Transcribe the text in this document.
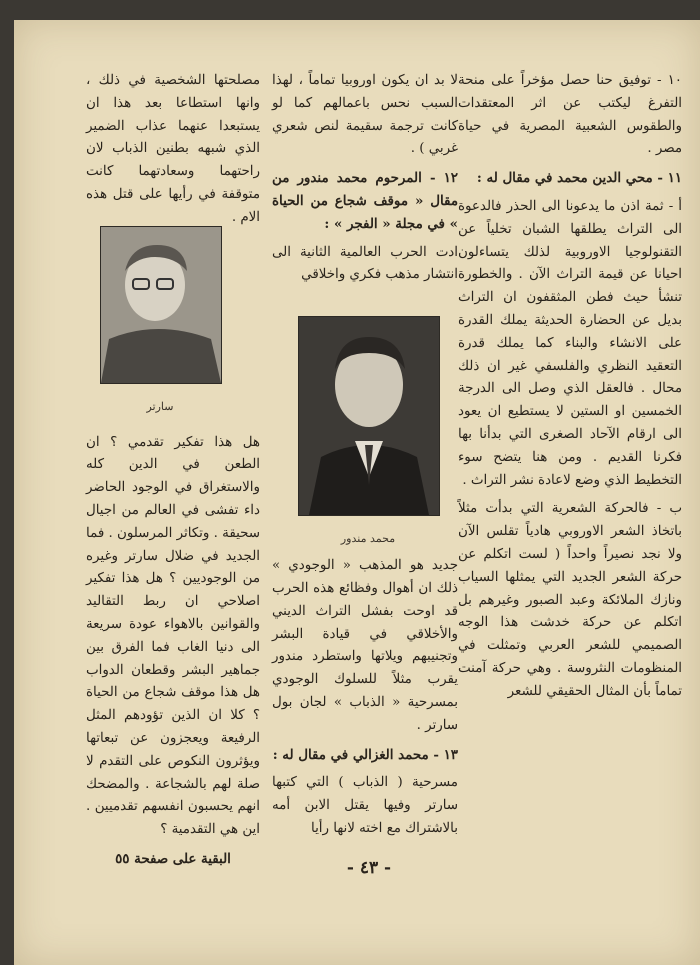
١٠ - توفيق حنا حصل مؤخراً على منحة التفرغ ليكتب عن اثر المعتقدات والطقوس الشعبية المصرية في حياة مصر .

١١ - محي الدين محمد في مقال له :

أ - ثمة اذن ما يدعونا الى الحذر فالدعوة الى التراث يطلقها الشبان تخلياً عن التقنولوجيا الاوروبية لذلك يتساءلون احيانا عن قيمة التراث الآن . والخطورة تنشأ حيث فطن المثقفون ان التراث بديل عن الحضارة الحديثة يملك القدرة على الانشاء والبناء كما يملك قدرة التعقيد النظري والفلسفي غير ان ذلك محال . فالعقل الذي وصل الى الدرجة الخمسين او الستين لا يستطيع ان يعود الى ارقام الآحاد الصغرى التي بدأنا بها فكرنا القديم . ومن هنا يتضح سوء التخطيط الذي وضع لاعادة نشر التراث .

ب - فالحركة الشعرية التي بدأت مثلاً باتخاذ الشعر الاوروبي هادياً تقلس الآن ولا نجد نصيراً واحداً ( لست اتكلم عن حركة الشعر الجديد التي يمثلها السياب ونازك الملائكة وعبد الصبور وغيرهم بل اتكلم عن حركة خدشت هذا الوجه الصميمي للشعر العربي وتمثلت في المنظومات النثروسة . وهي حركة آمنت تماماً بأن المثال الحقيقي للشعر

لا بد ان يكون اوروبيا تماماً ، لهذا السبب نحس باعمالهم كما لو كانت ترجمة سقيمة لنص شعري غربي ) .

١٢ - المرحوم محمد مندور من مقال « موقف شجاع من الحياة » في مجلة « الفجر » :

ادت الحرب العالمية الثانية الى انتشار مذهب فكري واخلاقي

جديد هو المذهب « الوجودي » ذلك ان أهوال وفظائع هذه الحرب قد اوحت بفشل التراث الديني والأخلاقي في قيادة البشر وتجنيبهم ويلاتها واستطرد مندور يقرب مثلاً للسلوك الوجودي بمسرحية « الذباب » لجان بول سارتر .

١٣ - محمد الغزالي في مقال له :

مسرحية ( الذباب ) التي كتبها سارتر وفيها يقتل الابن أمه بالاشتراك مع اخته لانها رأيا

مصلحتها الشخصية في ذلك ، وانها استطاعا بعد هذا ان يستبعدا عنهما عذاب الضمير الذي شبهه بطنين الذباب لان راحتهما وسعادتهما كانت متوقفة في رأيها على قتل هذه الام .

هل هذا تفكير تقدمي ؟ ان الطعن في الدين كله والاستغراق في الوجود الحاضر داء تفشى في العالم من اجيال سحيقة . وتكاثر المرسلون . فما الجديد في ضلال سارتر وغيره من الوجوديين ؟ هل هذا تفكير اصلاحي ان ربط التقاليد والقوانين بالاهواء عودة سريعة الى دنيا الغاب فما الفرق بين جماهير البشر وقطعان الدواب هل هذا موقف شجاع من الحياة ؟ كلا ان الذين تؤودهم المثل الرفيعة ويعجزون عن تبعاتها ويؤثرون النكوص على التقدم لا صلة لهم بالشجاعة . والمضحك انهم يحسبون انفسهم تقدميين . اين هي التقدمية ؟

البقية على صفحة ٥٥

محمد مندور
سارتر
- ٤٣ -
